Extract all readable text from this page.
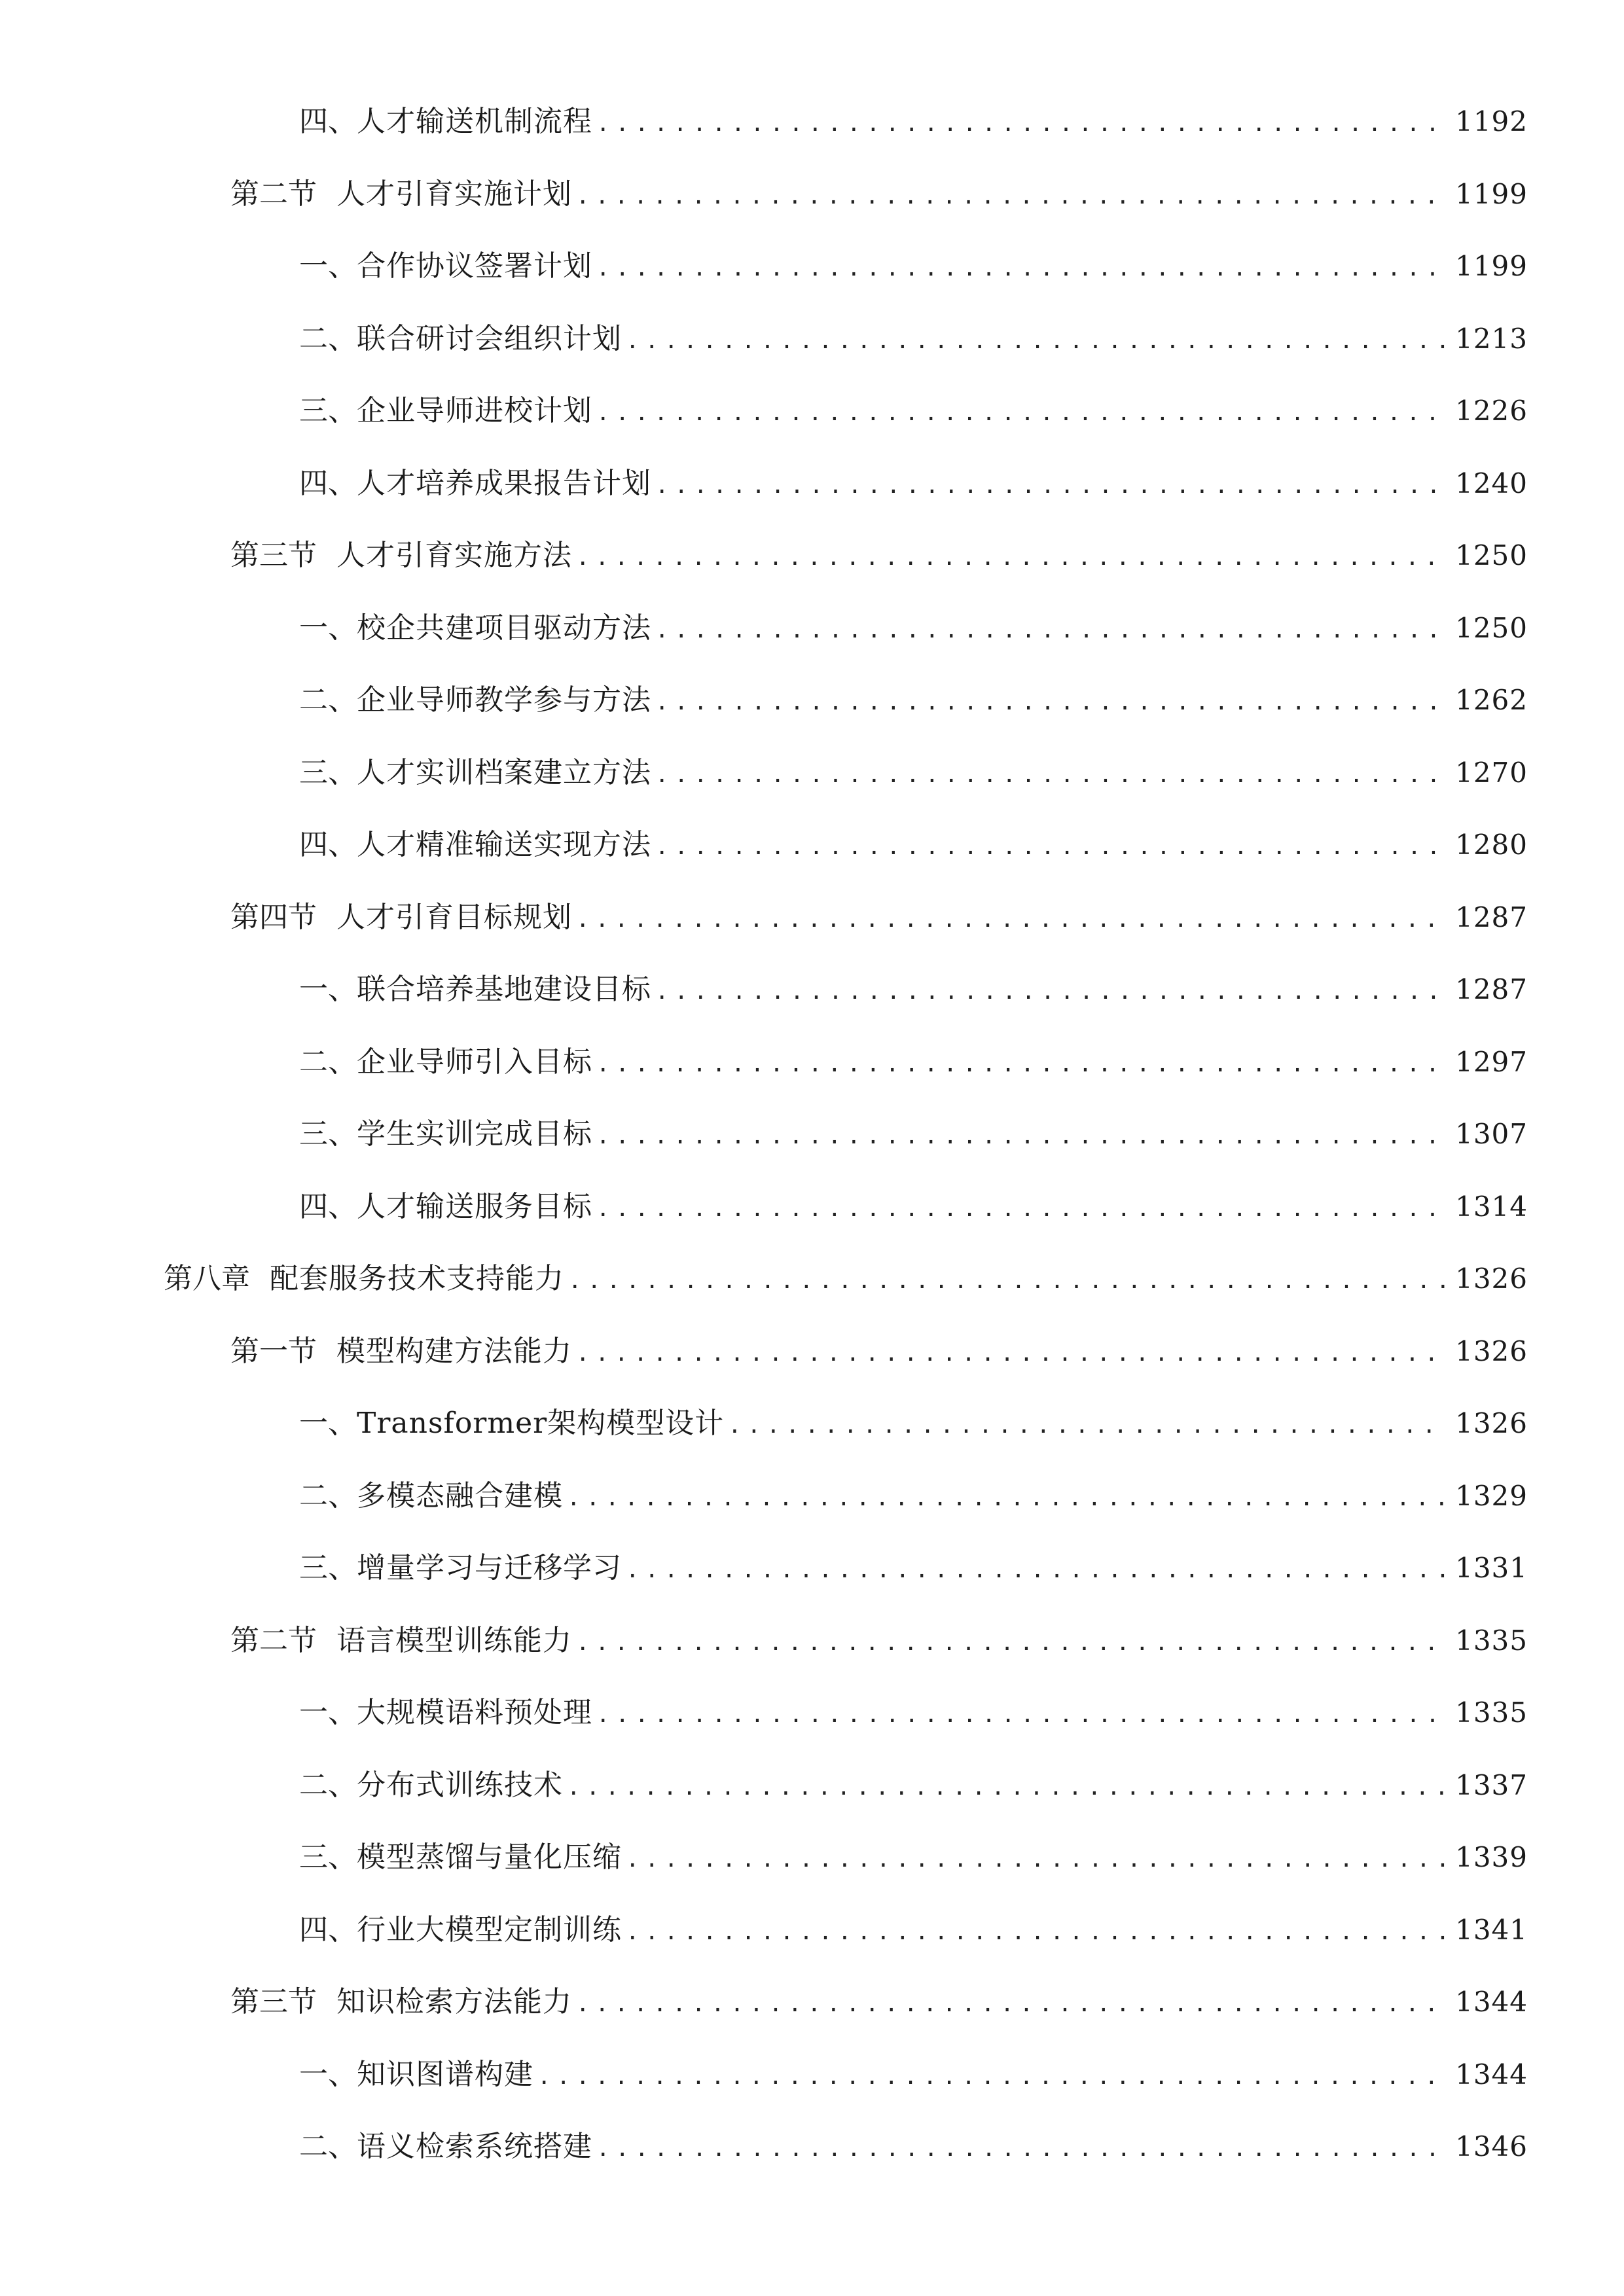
四、 人才输送机制流程 .....	1192
第二节 人才引育实施计划 .....	1199
一、 合作协议签署计划 .....	1199
二、 联合研讨会组织计划 .....	1213
三、 企业导师进校计划 .....	1226
四、 人才培养成果报告计划 .....	1240
第三节 人才引育实施方法 .....	1250
一、 校企共建项目驱动方法 .....	1250
二、 企业导师教学参与方法 .....	1262
三、 人才实训档案建立方法 .....	1270
四、 人才精准输送实现方法 .....	1280
第四节 人才引育目标规划 .....	1287
一、 联合培养基地建设目标 .....	1287
二、 企业导师引入目标 .....	1297
三、 学生实训完成目标 .....	1307
四、 人才输送服务目标 .....	1314
第八章 配套服务技术支持能力 .....	1326
第一节 模型构建方法能力 .....	1326
一、 Transformer架构模型设计 .....	1326
二、 多模态融合建模 .....	1329
三、 增量学习与迁移学习 .....	1331
第二节 语言模型训练能力 .....	1335
一、 大规模语料预处理 .....	1335
二、 分布式训练技术 .....	1337
三、 模型蒸馏与量化压缩 .....	1339
四、 行业大模型定制训练 .....	1341
第三节 知识检索方法能力 .....	1344
一、 知识图谱构建 .....	1344
二、 语义检索系统搭建 .....	1346
